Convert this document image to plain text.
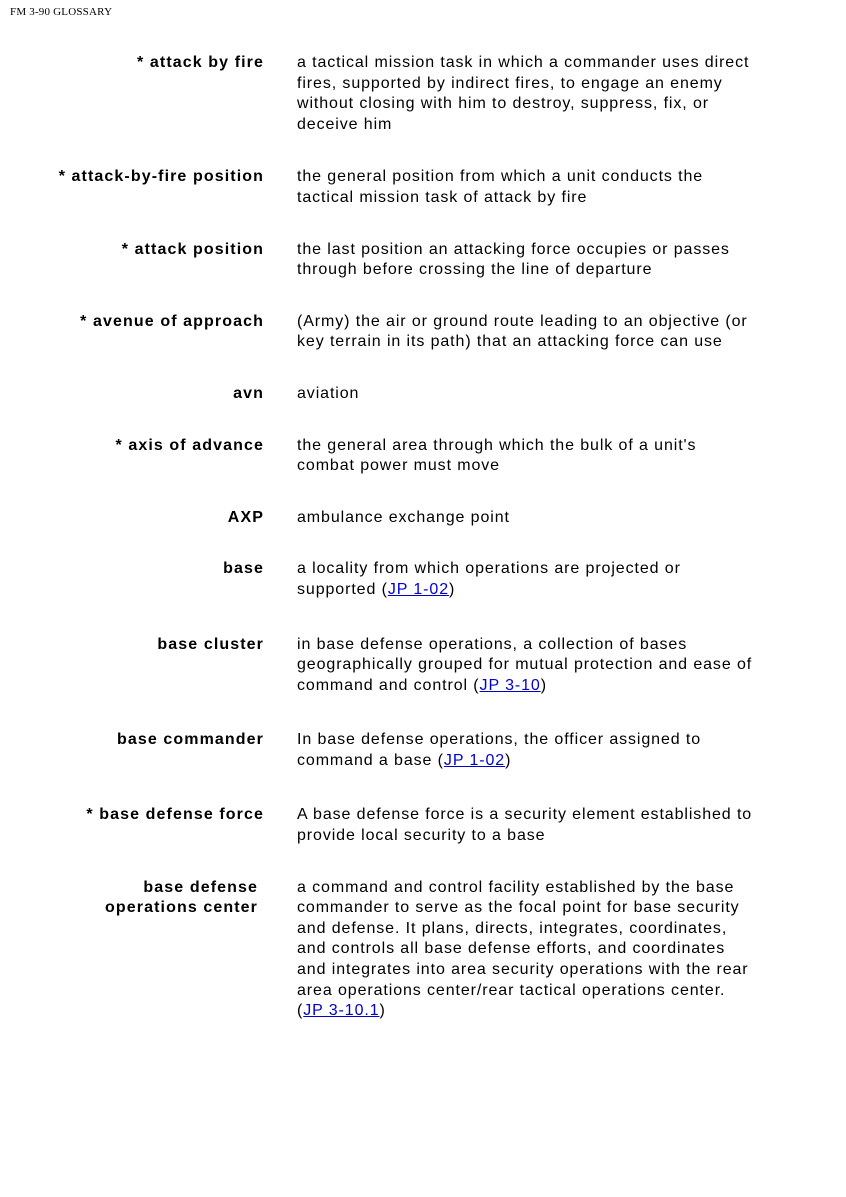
FM 3-90 GLOSSARY
* attack by fire a tactical mission task in which a commander uses direct fires, supported by indirect fires, to engage an enemy without closing with him to destroy, suppress, fix, or deceive him
* attack-by-fire position the general position from which a unit conducts the tactical mission task of attack by fire
* attack position the last position an attacking force occupies or passes through before crossing the line of departure
* avenue of approach (Army) the air or ground route leading to an objective (or key terrain in its path) that an attacking force can use
avn aviation
* axis of advance the general area through which the bulk of a unit's combat power must move
AXP ambulance exchange point
base a locality from which operations are projected or supported (JP 1-02)
base cluster in base defense operations, a collection of bases geographically grouped for mutual protection and ease of command and control (JP 3-10)
base commander In base defense operations, the officer assigned to command a base (JP 1-02)
* base defense force A base defense force is a security element established to provide local security to a base
base defense
operations center
a command and control facility established by the base commander to serve as the focal point for base security and defense. It plans, directs, integrates, coordinates, and controls all base defense efforts, and coordinates and integrates into area security operations with the rear area operations center/rear tactical operations center. (JP 3-10.1)
